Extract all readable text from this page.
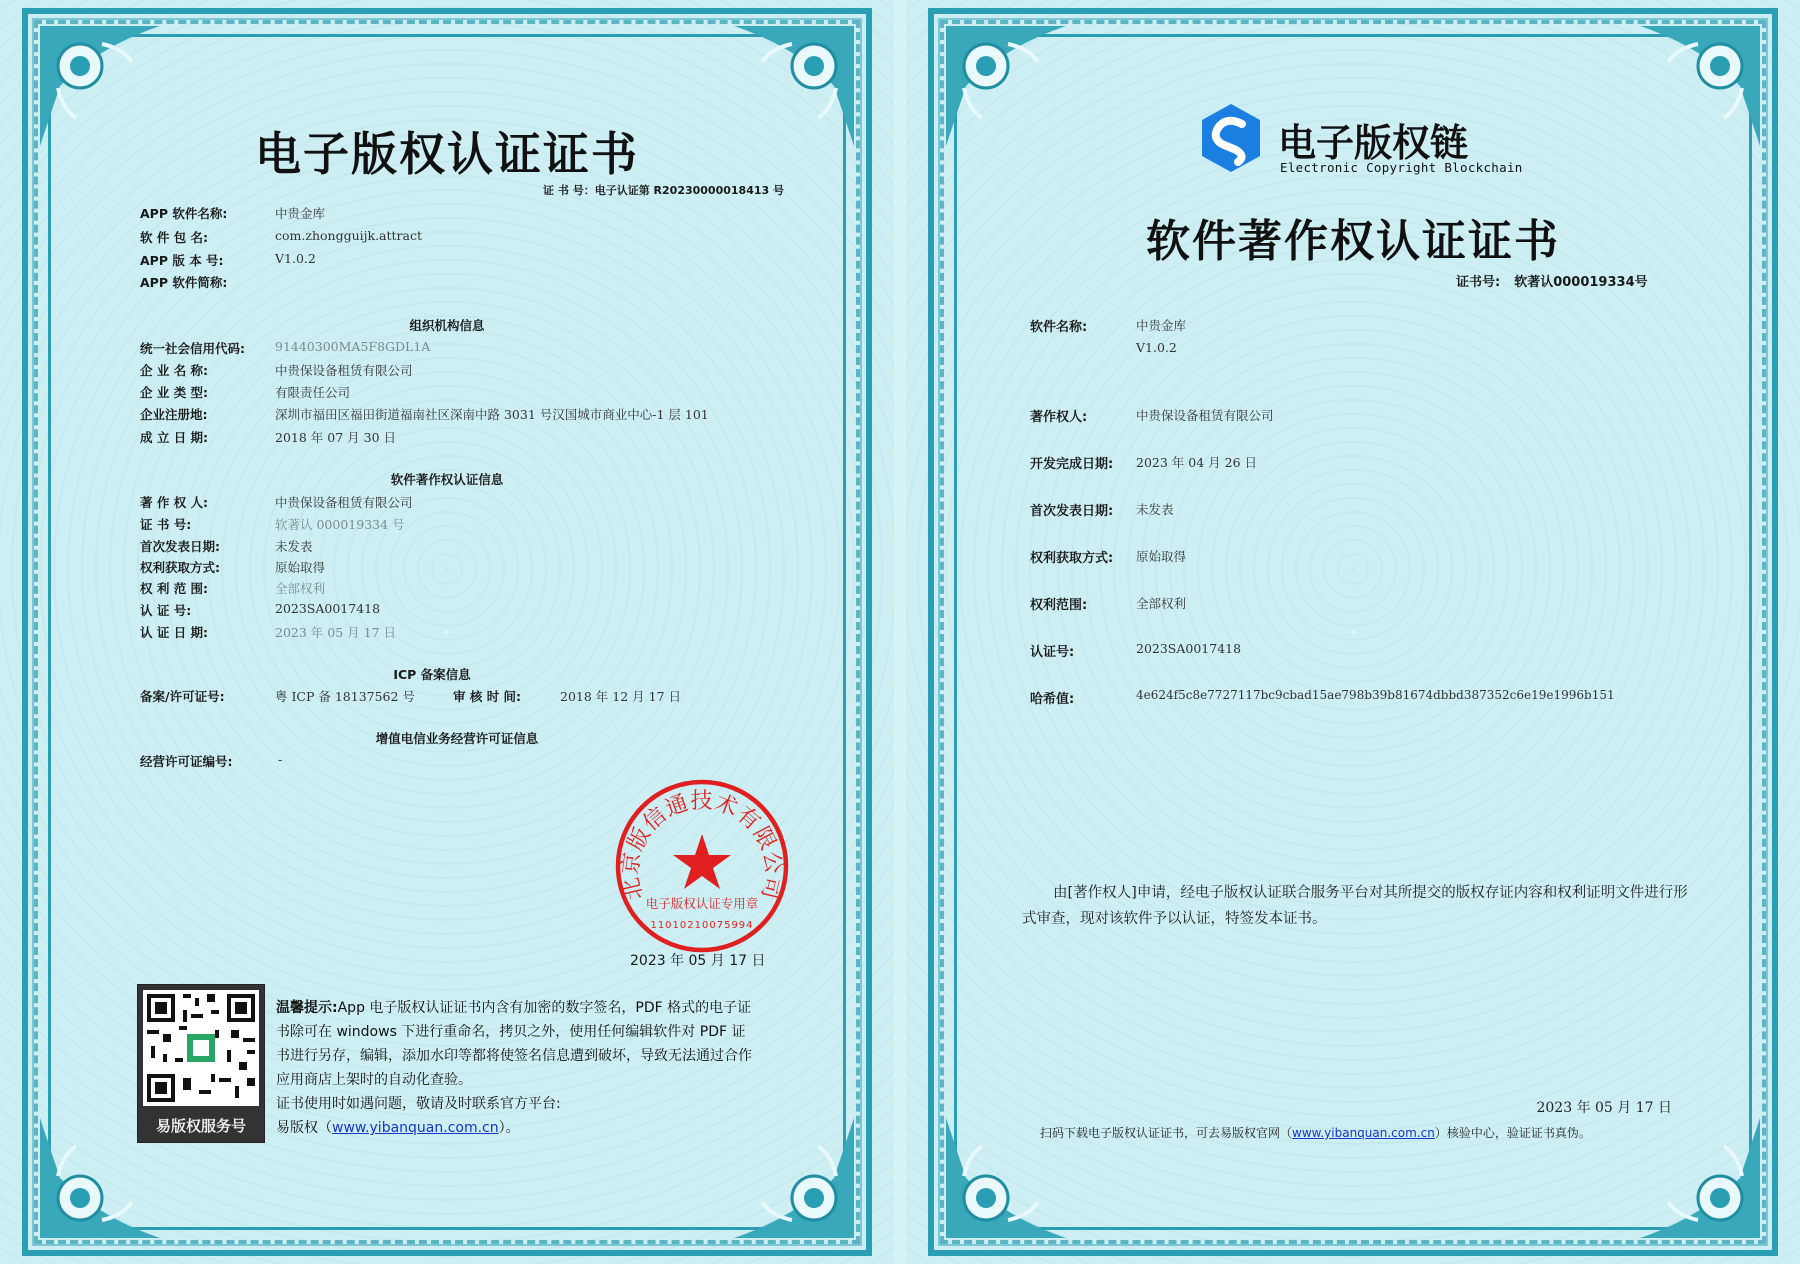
电子版权认证证书
证 书 号：电子认证第 R20230000018413 号
APP 软件名称:	中贵金库
软 件 包 名:	com.zhongguijk.attract
APP 版 本 号:	V1.0.2
APP 软件简称:
组织机构信息
统一社会信用代码: 91440300MA5F8GDL1A
企 业 名 称:	中贵保设备租赁有限公司
企 业 类 型:	有限责任公司
企业注册地:	深圳市福田区福田街道福南社区深南中路 3031 号汉国城市商业中心-1 层 101
成 立 日 期:	2018 年 07 月 30 日
软件著作权认证信息
著 作 权 人:	中贵保设备租赁有限公司
证 书 号:	软著认 000019334 号
首次发表日期:	未发表
权利获取方式:	原始取得
权 利 范 围:	全部权利
认 证 号:	2023SA0017418
认 证 日 期:	2023 年 05 月 17 日
ICP 备案信息
备案/许可证号:	粤 ICP 备 18137562 号	审 核 时 间:	2018 年 12 月 17 日
增值电信业务经营许可证信息
经营许可证编号:	-
北京版信通技术有限公司
电子版权认证专用章
11010210075994
2023 年 05 月 17 日
易版权服务号
温馨提示:App 电子版权认证证书内含有加密的数字签名，PDF 格式的电子证书除可在 windows 下进行重命名，拷贝之外，使用任何编辑软件对 PDF 证书进行另存，编辑，添加水印等都将使签名信息遭到破坏，导致无法通过合作应用商店上架时的自动化查验。
证书使用时如遇问题，敬请及时联系官方平台:
易版权（www.yibanquan.com.cn）。
电子版权链
Electronic Copyright Blockchain
软件著作权认证证书
证书号: 软著认000019334号
软件名称:	中贵金库
V1.0.2
著作权人:	中贵保设备租赁有限公司
开发完成日期: 2023 年 04 月 26 日
首次发表日期: 未发表
权利获取方式: 原始取得
权利范围:	全部权利
认证号:	2023SA0017418
哈希值:	4e624f5c8e7727117bc9cbad15ae798b39b81674dbbd387352c6e19e1996b151
由[著作权人]申请，经电子版权认证联合服务平台对其所提交的版权存证内容和权利证明文件进行形式审查，现对该软件予以认证，特签发本证书。
2023 年 05 月 17 日
扫码下载电子版权认证证书，可去易版权官网（www.yibanquan.com.cn）核验中心，验证证书真伪。
